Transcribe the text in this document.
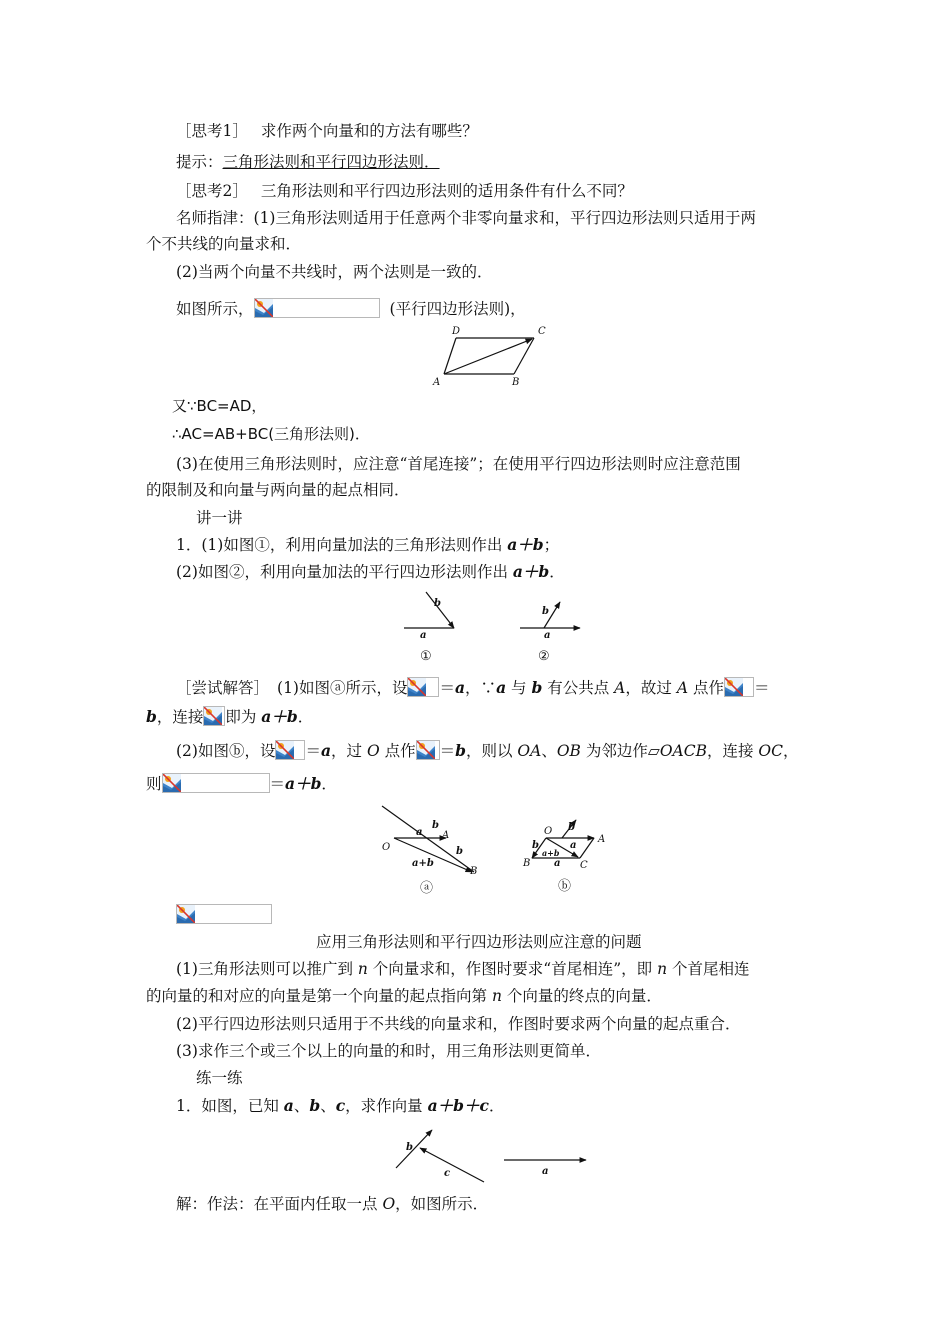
［思考1］ 求作两个向量和的方法有哪些？
提示：三角形法则和平行四边形法则．
［思考2］ 三角形法则和平行四边形法则的适用条件有什么不同？
名师指津：(1)三角形法则适用于任意两个非零向量求和，平行四边形法则只适用于两
个不共线的向量求和．
(2)当两个向量不共线时，两个法则是一致的．
如图所示，	(平行四边形法则)，
D	C
A	B
又∵BC=AD，
∴AC=AB+BC(三角形法则)．
(3)在使用三角形法则时，应注意“首尾连接”；在使用平行四边形法则时应注意范围
的限制及和向量与两向量的起点相同．
讲一讲
1．(1)如图①，利用向量加法的三角形法则作出 a＋b；
(2)如图②，利用向量加法的平行四边形法则作出 a＋b．
b
a
①
b
a
②
［尝试解答］ (1)如图ⓐ所示，设 ＝a，∵a 与 b 有公共点 A，故过 A 点作 ＝
b，连接 即为 a＋b．
(2)如图ⓑ，设 ＝a，过 O 点作 ＝b，则以 OA、OB 为邻边作▱OACB，连接 OC，
则	＝a＋b．
O
A
B
a
b
b
a+b
ⓐ
O
A
B	C
b
b	a
a
a+b
ⓑ
应用三角形法则和平行四边形法则应注意的问题
(1)三角形法则可以推广到 n 个向量求和，作图时要求“首尾相连”，即 n 个首尾相连
的向量的和对应的向量是第一个向量的起点指向第 n 个向量的终点的向量．
(2)平行四边形法则只适用于不共线的向量求和，作图时要求两个向量的起点重合．
(3)求作三个或三个以上的向量的和时，用三角形法则更简单．
练一练
1．如图，已知 a、b、c，求作向量 a＋b＋c．
b
c	a
解：作法：在平面内任取一点 O，如图所示．
